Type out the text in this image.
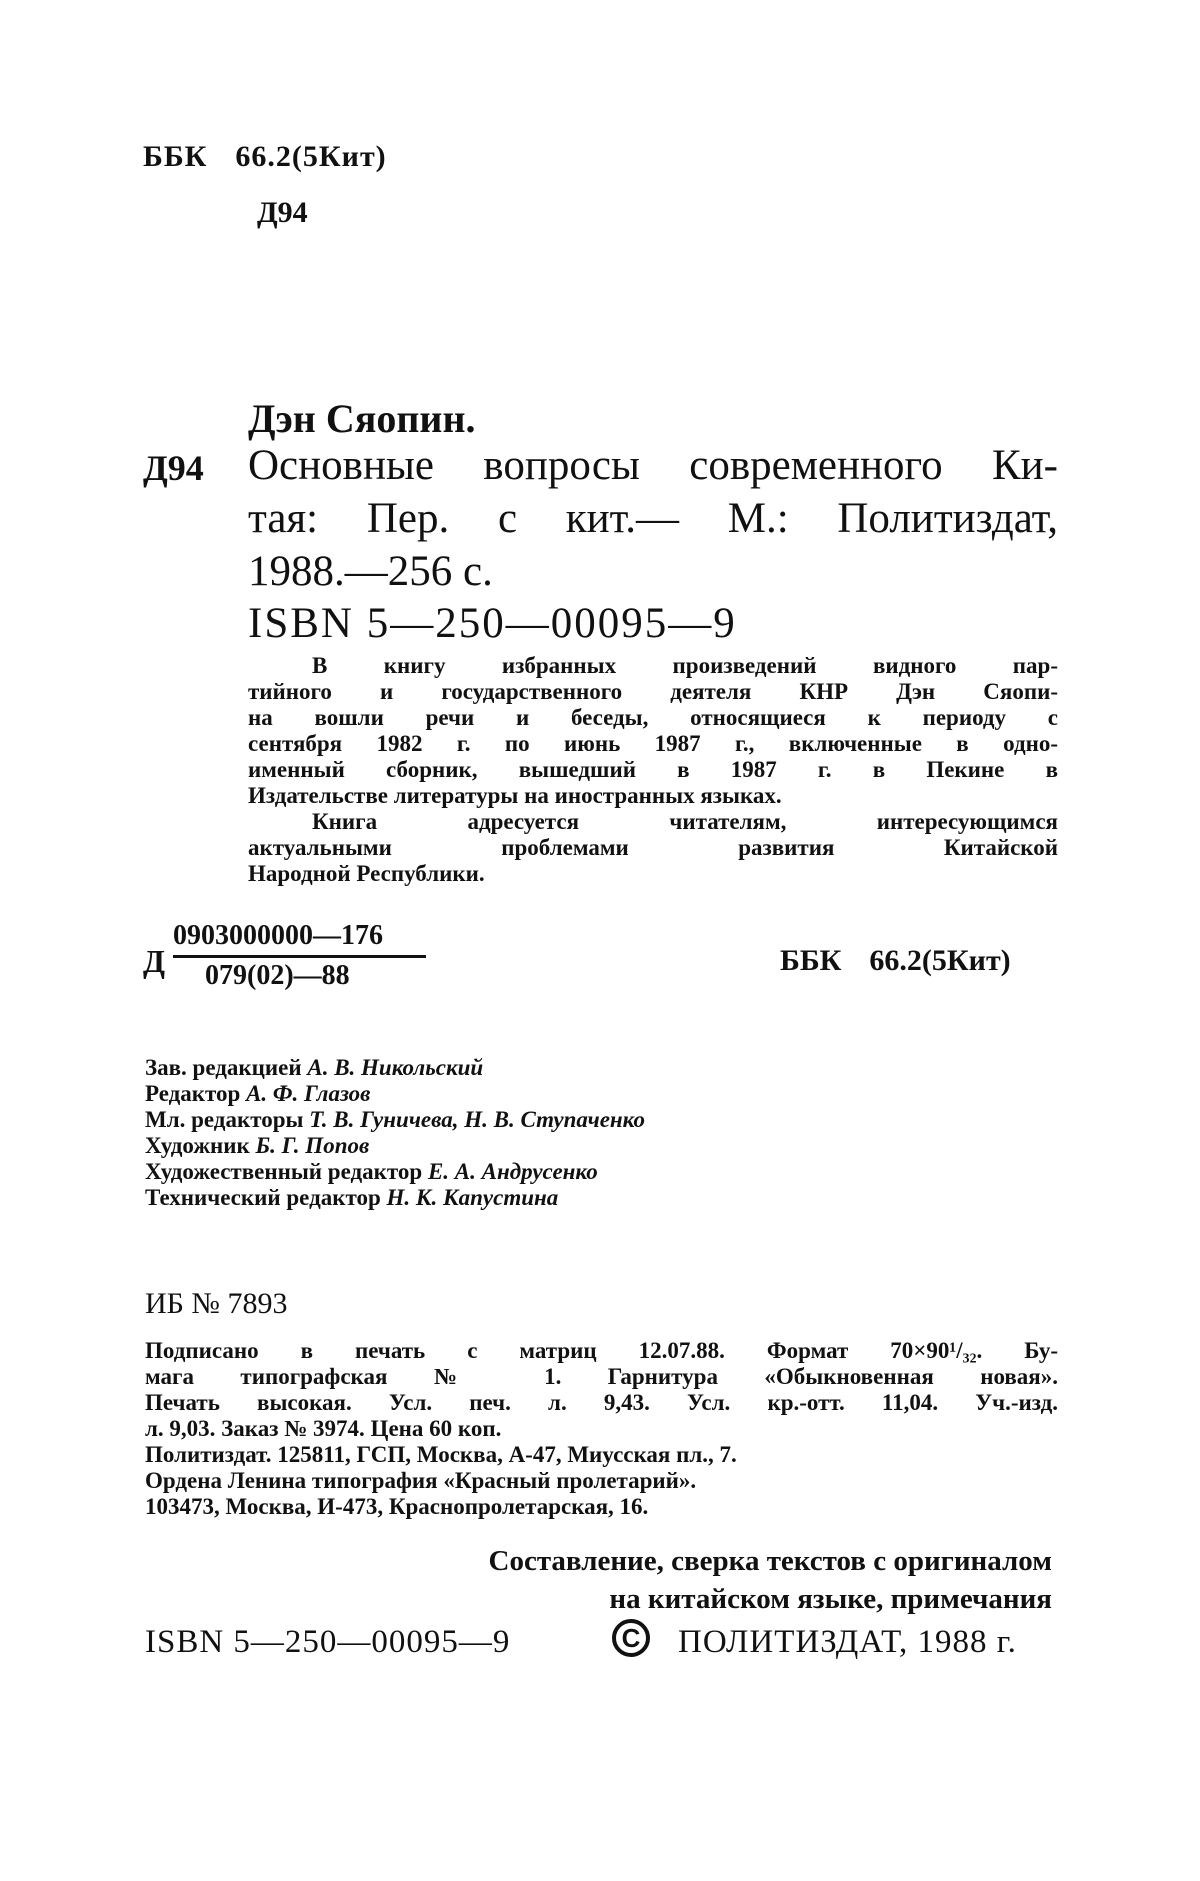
ББК 66.2(5Кит)
Д94
Дэн Сяопин.
Д94 Основные вопросы современного Ки-
тая: Пер. с кит.— М.: Политиздат,
1988.—256 с.
ISBN 5—250—00095—9
В книгу избранных произведений видного пар-
тийного и государственного деятеля КНР Дэн Сяопи-
на вошли речи и беседы, относящиеся к периоду с
сентября 1982 г. по июнь 1987 г., включенные в одно-
именный сборник, вышедший в 1987 г. в Пекине в
Издательстве литературы на иностранных языках.
Книга адресуется читателям, интересующимся
актуальными проблемами развития Китайской
Народной Республики.
Д
0903000000—176
079(02)—88	ББК 66.2(5Кит)
Зав. редакцией А. В. Никольский
Редактор А. Ф. Глазов
Мл. редакторы Т. В. Гуничева, Н. В. Ступаченко
Художник Б. Г. Попов
Художественный редактор Е. А. Андрусенко
Технический редактор Н. К. Капустина
ИБ № 7893
Подписано в печать с матриц 12.07.88. Формат 70×90¹/₃₂. Бу-
мага типографская № 1. Гарнитура «Обыкновенная новая».
Печать высокая. Усл. печ. л. 9,43. Усл. кр.-отт. 11,04. Уч.-изд.
л. 9,03. Заказ № 3974. Цена 60 коп.
Политиздат. 125811, ГСП, Москва, А-47, Миусская пл., 7.
Ордена Ленина типография «Красный пролетарий».
103473, Москва, И-473, Краснопролетарская, 16.
Составление, сверка текстов с оригиналом
на китайском языке, примечания
ISBN 5—250—00095—9	C ПОЛИТИЗДАТ, 1988 г.
